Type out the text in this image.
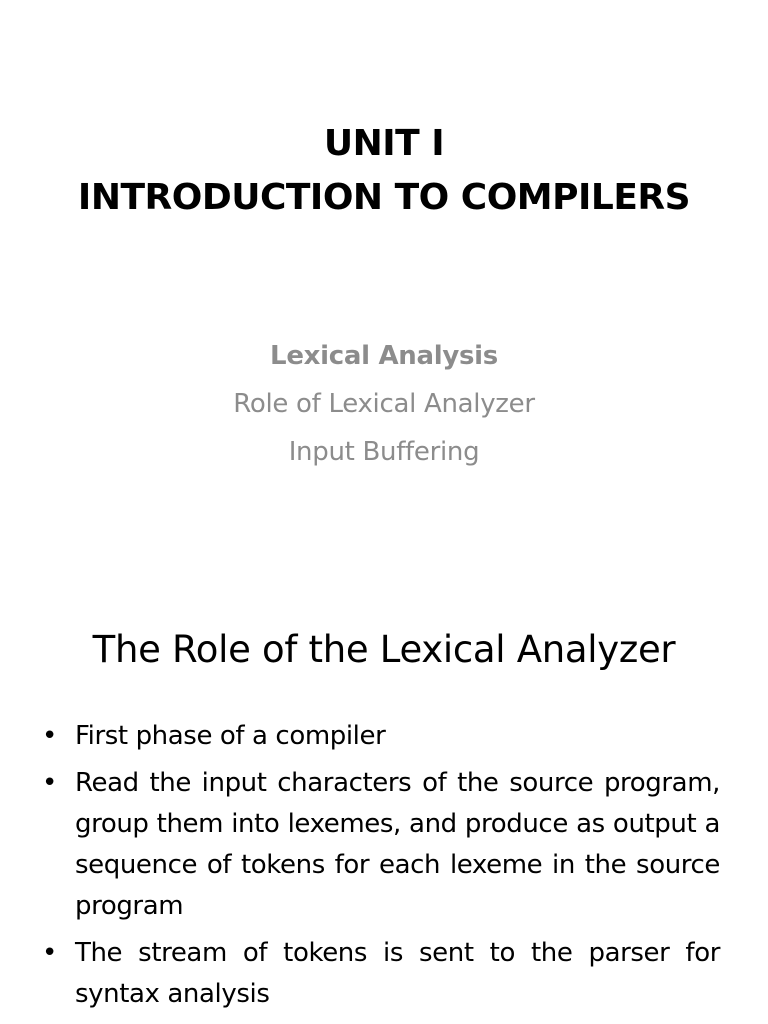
UNIT I
INTRODUCTION TO COMPILERS
Lexical Analysis
Role of Lexical Analyzer
Input Buffering
The Role of the Lexical Analyzer
• First phase of a compiler
• Read the input characters of the source program, group them into lexemes, and produce as output a sequence of tokens for each lexeme in the source program
• The stream of tokens is sent to the parser for syntax analysis
